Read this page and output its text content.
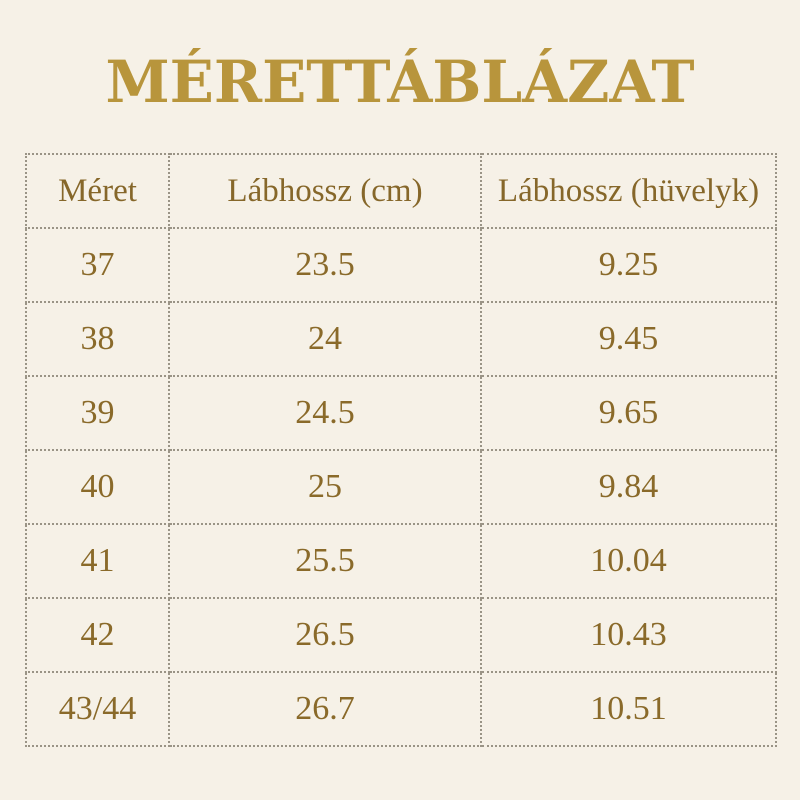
MÉRETTÁBLÁZAT
Méret	Lábhossz (cm)	Lábhossz (hüvelyk)
37	23.5	9.25
38	24	9.45
39	24.5	9.65
40	25	9.84
41	25.5	10.04
42	26.5	10.43
43/44	26.7	10.51
